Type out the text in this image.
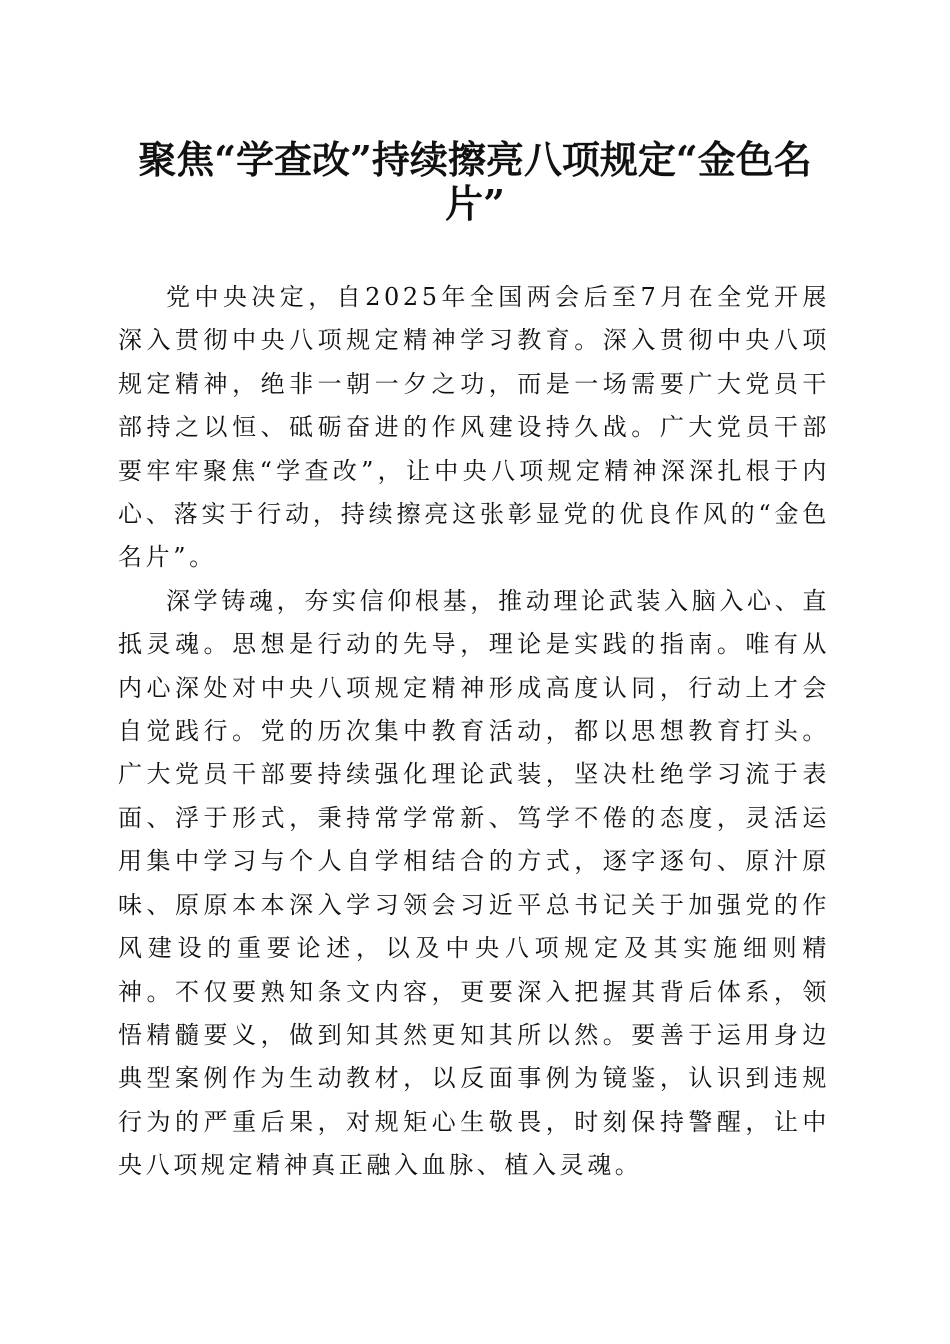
聚焦“学查改”持续擦亮八项规定“金色名片”

党中央决定，自2025年全国两会后至7月在全党开展深入贯彻中央八项规定精神学习教育。深入贯彻中央八项规定精神，绝非一朝一夕之功，而是一场需要广大党员干部持之以恒、砥砺奋进的作风建设持久战。广大党员干部要牢牢聚焦“学查改”，让中央八项规定精神深深扎根于内心、落实于行动，持续擦亮这张彰显党的优良作风的“金色名片”。

深学铸魂，夯实信仰根基，推动理论武装入脑入心、直抵灵魂。思想是行动的先导，理论是实践的指南。唯有从内心深处对中央八项规定精神形成高度认同，行动上才会自觉践行。党的历次集中教育活动，都以思想教育打头。广大党员干部要持续强化理论武装，坚决杜绝学习流于表面、浮于形式，秉持常学常新、笃学不倦的态度，灵活运用集中学习与个人自学相结合的方式，逐字逐句、原汁原味、原原本本深入学习领会习近平总书记关于加强党的作风建设的重要论述，以及中央八项规定及其实施细则精神。不仅要熟知条文内容，更要深入把握其背后体系，领悟精髓要义，做到知其然更知其所以然。要善于运用身边典型案例作为生动教材，以反面事例为镜鉴，认识到违规行为的严重后果，对规矩心生敬畏，时刻保持警醒，让中央八项规定精神真正融入血脉、植入灵魂。
